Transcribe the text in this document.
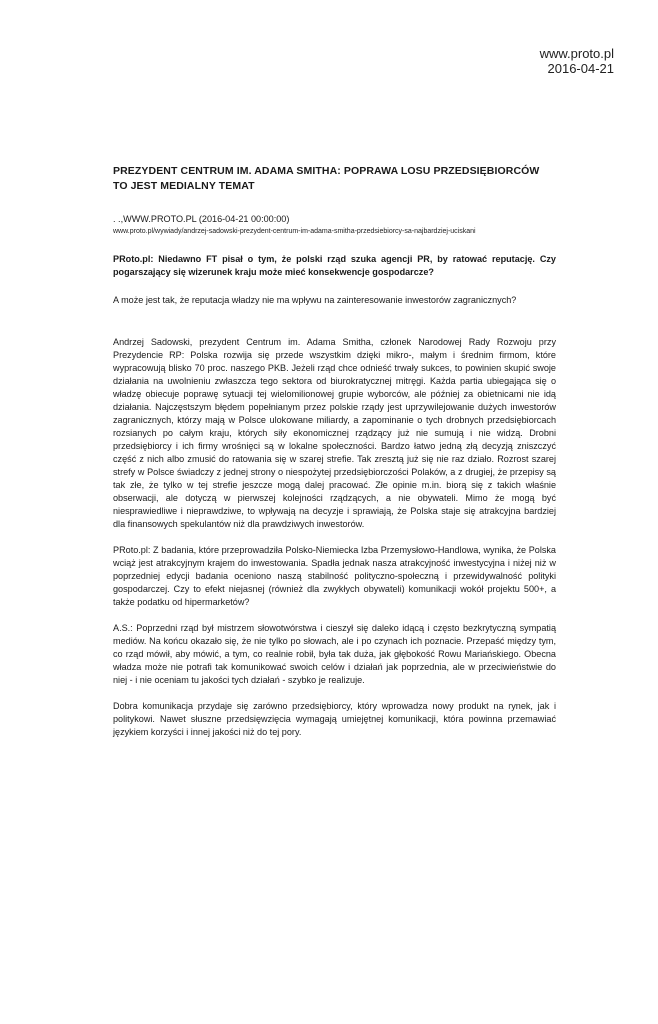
www.proto.pl
2016-04-21
PREZYDENT CENTRUM IM. ADAMA SMITHA: POPRAWA LOSU PRZEDSIĘBIORCÓW TO JEST MEDIALNY TEMAT

. .,WWW.PROTO.PL (2016-04-21 00:00:00)

www.proto.pl/wywiady/andrzej-sadowski-prezydent-centrum-im-adama-smitha-przedsiebiorcy-sa-najbardziej-uciskani

PRoto.pl: Niedawno FT pisał o tym, że polski rząd szuka agencji PR, by ratować reputację. Czy pogarszający się wizerunek kraju może mieć konsekwencje gospodarcze?

A może jest tak, że reputacja władzy nie ma wpływu na zainteresowanie inwestorów zagranicznych?

Andrzej Sadowski, prezydent Centrum im. Adama Smitha, członek Narodowej Rady Rozwoju przy Prezydencie RP: Polska rozwija się przede wszystkim dzięki mikro-, małym i średnim firmom, które wypracowują blisko 70 proc. naszego PKB. Jeżeli rząd chce odnieść trwały sukces, to powinien skupić swoje działania na uwolnieniu zwłaszcza tego sektora od biurokratycznej mitręgi. Każda partia ubiegająca się o władzę obiecuje poprawę sytuacji tej wielomilionowej grupie wyborców, ale później za obietnicami nie idą działania. Najczęstszym błędem popełnianym przez polskie rządy jest uprzywilejowanie dużych inwestorów zagranicznych, którzy mają w Polsce ulokowane miliardy, a zapominanie o tych drobnych przedsiębiorcach rozsianych po całym kraju, których siły ekonomicznej rządzący już nie sumują i nie widzą. Drobni przedsiębiorcy i ich firmy wrośnięci są w lokalne społeczności. Bardzo łatwo jedną złą decyzją zniszczyć część z nich albo zmusić do ratowania się w szarej strefie. Tak zresztą już się nie raz działo. Rozrost szarej strefy w Polsce świadczy z jednej strony o niespożytej przedsiębiorczości Polaków, a z drugiej, że przepisy są tak złe, że tylko w tej strefie jeszcze mogą dalej pracować. Złe opinie m.in. biorą się z takich właśnie obserwacji, ale dotyczą w pierwszej kolejności rządzących, a nie obywateli. Mimo że mogą być niesprawiedliwe i nieprawdziwe, to wpływają na decyzje i sprawiają, że Polska staje się atrakcyjna bardziej dla finansowych spekulantów niż dla prawdziwych inwestorów.

PRoto.pl: Z badania, które przeprowadziła Polsko-Niemiecka Izba Przemysłowo-Handlowa, wynika, że Polska wciąż jest atrakcyjnym krajem do inwestowania. Spadła jednak nasza atrakcyjność inwestycyjna i niżej niż w poprzedniej edycji badania oceniono naszą stabilność polityczno-społeczną i przewidywalność polityki gospodarczej. Czy to efekt niejasnej (również dla zwykłych obywateli) komunikacji wokół projektu 500+, a także podatku od hipermarketów?

A.S.: Poprzedni rząd był mistrzem słowotwórstwa i cieszył się daleko idącą i często bezkrytyczną sympatią mediów. Na końcu okazało się, że nie tylko po słowach, ale i po czynach ich poznacie. Przepaść między tym, co rząd mówił, aby mówić, a tym, co realnie robił, była tak duża, jak głębokość Rowu Mariańskiego. Obecna władza może nie potrafi tak komunikować swoich celów i działań jak poprzednia, ale w przeciwieństwie do niej - i nie oceniam tu jakości tych działań - szybko je realizuje.

Dobra komunikacja przydaje się zarówno przedsiębiorcy, który wprowadza nowy produkt na rynek, jak i politykowi. Nawet słuszne przedsięwzięcia wymagają umiejętnej komunikacji, która powinna przemawiać językiem korzyści i innej jakości niż do tej pory.
